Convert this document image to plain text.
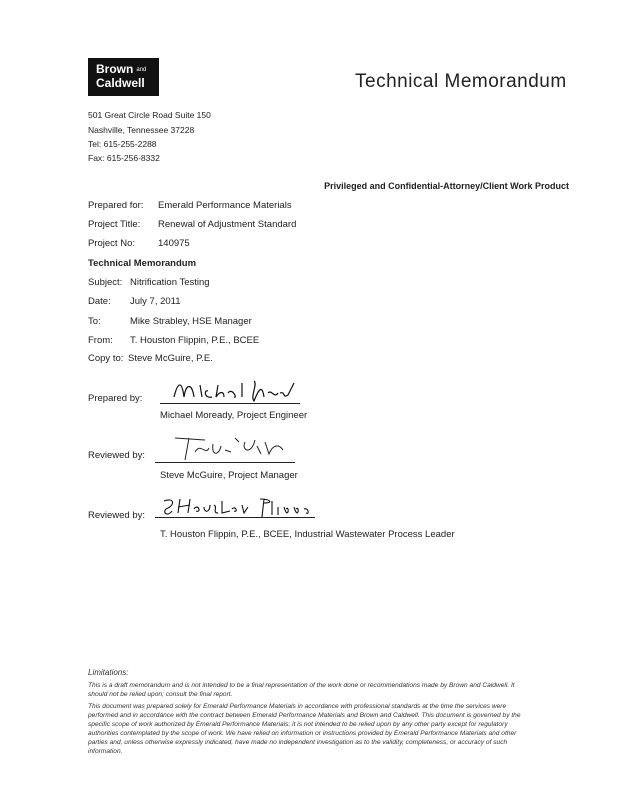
Brown and
Caldwell	Technical Memorandum
501 Great Circle Road Suite 150
Nashville, Tennessee 37228
Tel: 615-255-2288
Fax: 615-256-8332
Privileged and Confidential-Attorney/Client Work Product
Prepared for: Emerald Performance Materials
Project Title: Renewal of Adjustment Standard
Project No: 140975
Technical Memorandum
Subject: Nitrification Testing
Date: July 7, 2011
To:	Mike Strabley, HSE Manager
From: T. Houston Flippin, P.E., BCEE
Copy to: Steve McGuire, P.E.
Prepared by:
Michael Moready, Project Engineer
Reviewed by:
Steve McGuire, Project Manager
Reviewed by:
T. Houston Flippin, P.E., BCEE, Industrial Wastewater Process Leader
Limitations:
This is a draft memorandum and is not intended to be a final representation of the work done or recommendations made by Brown and Caldwell. It
should not be relied upon; consult the final report.
This document was prepared solely for Emerald Performance Materials in accordance with professional standards at the time the services were
performed and in accordance with the contract between Emerald Performance Materials and Brown and Caldwell. This document is governed by the
specific scope of work authorized by Emerald Performance Materials; it is not intended to be relied upon by any other party except for regulatory
authorities contemplated by the scope of work. We have relied on information or instructions provided by Emerald Performance Materials and other
parties and, unless otherwise expressly indicated, have made no independent investigation as to the validity, completeness, or accuracy of such
information.
